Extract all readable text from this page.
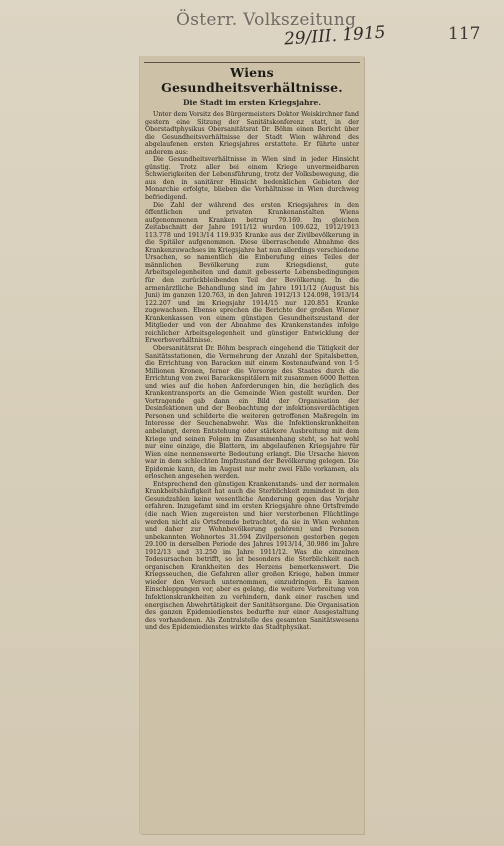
Österr. Volkszeitung
29/III. 1915	117
Wiens Gesundheitsverhältnisse.
Die Stadt im ersten Kriegsjahre.

Unter dem Vorsitz des Bürgermeisters Doktor Weiskirchner fand gestern eine Sitzung der Sanitätskonferenz statt, in der Oberstadtphysikus Obersanitätsrat Dr. Böhm einen Bericht über die Gesundheitsverhältnisse der Stadt Wien während des abgelaufenen ersten Kriegsjahres erstattete. Er führte unter anderem aus:

Die Gesundheitsverhältnisse in Wien sind in jeder Hinsicht günstig. Trotz aller bei einem Kriege unvermeidbaren Schwierigkeiten der Lebensführung, trotz der Volksbewegung, die aus den in sanitärer Hinsicht bedenklichen Gebieten der Monarchie erfolgte, blieben die Verhältnisse in Wien durchweg befriedigend.

Die Zahl der während des ersten Kriegsjahres in den öffentlichen und privaten Krankenanstalten Wiens aufgenommenen Kranken betrug 79.169. Im gleichen Zeitabschnitt der Jahre 1911/12 wurden 109.622, 1912/1913 113.778 und 1913/14 119.935 Kranke aus der Zivilbevölkerung in die Spitäler aufgenommen. Diese überraschende Abnahme des Krankenzuwachses im Kriegsjahre hat nun allerdings verschiedene Ursachen, so namentlich die Einberufung eines Teiles der männlichen Bevölkerung zum Kriegsdienst, gute Arbeitsgelegenheiten und damit gebesserte Lebensbedingungen für den zurückbleibenden Teil der Bevölkerung. In die armenärztliche Behandlung sind im Jahre 1911/12 (August bis Juni) im ganzen 120.763, in den Jahren 1912/13 124.098, 1913/14 122.207 und im Kriegsjahr 1914/15 nur 120.851 Kranke zugewachsen. Ebenso sprechen die Berichte der großen Wiener Krankenkassen von einem günstigen Gesundheitszustand der Mitglieder und von der Abnahme des Krankenstandes infolge reichlicher Arbeitsgelegenheit und günstiger Entwicklung der Erwerbsverhältnisse.

Obersanitätsrat Dr. Böhm besprach eingehend die Tätigkeit der Sanitätsstationen, die Vermehrung der Anzahl der Spitalsbetten, die Errichtung von Baracken mit einem Kostenaufwand von 1·5 Millionen Kronen, ferner die Vorsorge des Staates durch die Errichtung von zwei Barackenspitälern mit zusammen 6000 Betten und wies auf die hohen Anforderungen hin, die bezüglich des Krankentransports an die Gemeinde Wien gestellt wurden. Der Vortragende gab dann ein Bild der Organisation der Desinfektionen und der Beobachtung der infektionsverdächtigen Personen und schilderte die weiteren getroffenen Maßregeln im Interesse der Seuchenabwehr. Was die Infektionskrankheiten anbelangt, deren Entstehung oder stärkere Ausbreitung mit dem Kriege und seinen Folgen im Zusammenhang steht, so hat wohl nur eine einzige, die Blattern, im abgelaufenen Kriegsjahre für Wien eine nennenswerte Bedeutung erlangt. Die Ursache hievon war in dem schlechten Impfzustand der Bevölkerung gelegen. Die Epidemie kann, da im August nur mehr zwei Fälle vorkamen, als erloschen angesehen werden.

Entsprechend den günstigen Krankenstands- und der normalen Krankheitshäufigkeit hat auch die Sterblichkeit zumindest in den Gesundzahlen keine wesentliche Aenderung gegen das Vorjahr erfahren. Inzugefamt sind im ersten Kriegsjahre ohne Ortsfremde (die nach Wien zugereisten und hier verstorbenen Flüchtlinge werden nicht als Ortsfremde betrachtet, da sie in Wien wohnten und daher zur Wohnbevölkerung gehören) und Personen unbekannten Wohnortes 31.594 Zivilpersonen gestorben gegen 29.100 in derselben Periode des Jahres 1913/14, 30.986 im Jahre 1912/13 und 31.250 im Jahre 1911/12. Was die einzelnen Todesursachen betrifft, so ist besonders die Sterblichkeit nach organischen Krankheiten des Herzens bemerkenswert. Die Kriegsseuchen, die Gefahren aller großen Kriege, haben immer wieder den Versuch unternommen, einzudringen. Es kamen Einschleppungen vor, aber es gelang, die weitere Verbreitung von Infektionskrankheiten zu verhindern, dank einer raschen und energischen Abwehrtätigkeit der Sanitätsorgane. Die Organisation des ganzen Epidemiedienstes bedurfte nur einer Ausgestaltung des vorhandenen. Als Zentralstelle des gesamten Sanitätswesens und des Epidemiedienstes wirkte das Stadtphysikat.
